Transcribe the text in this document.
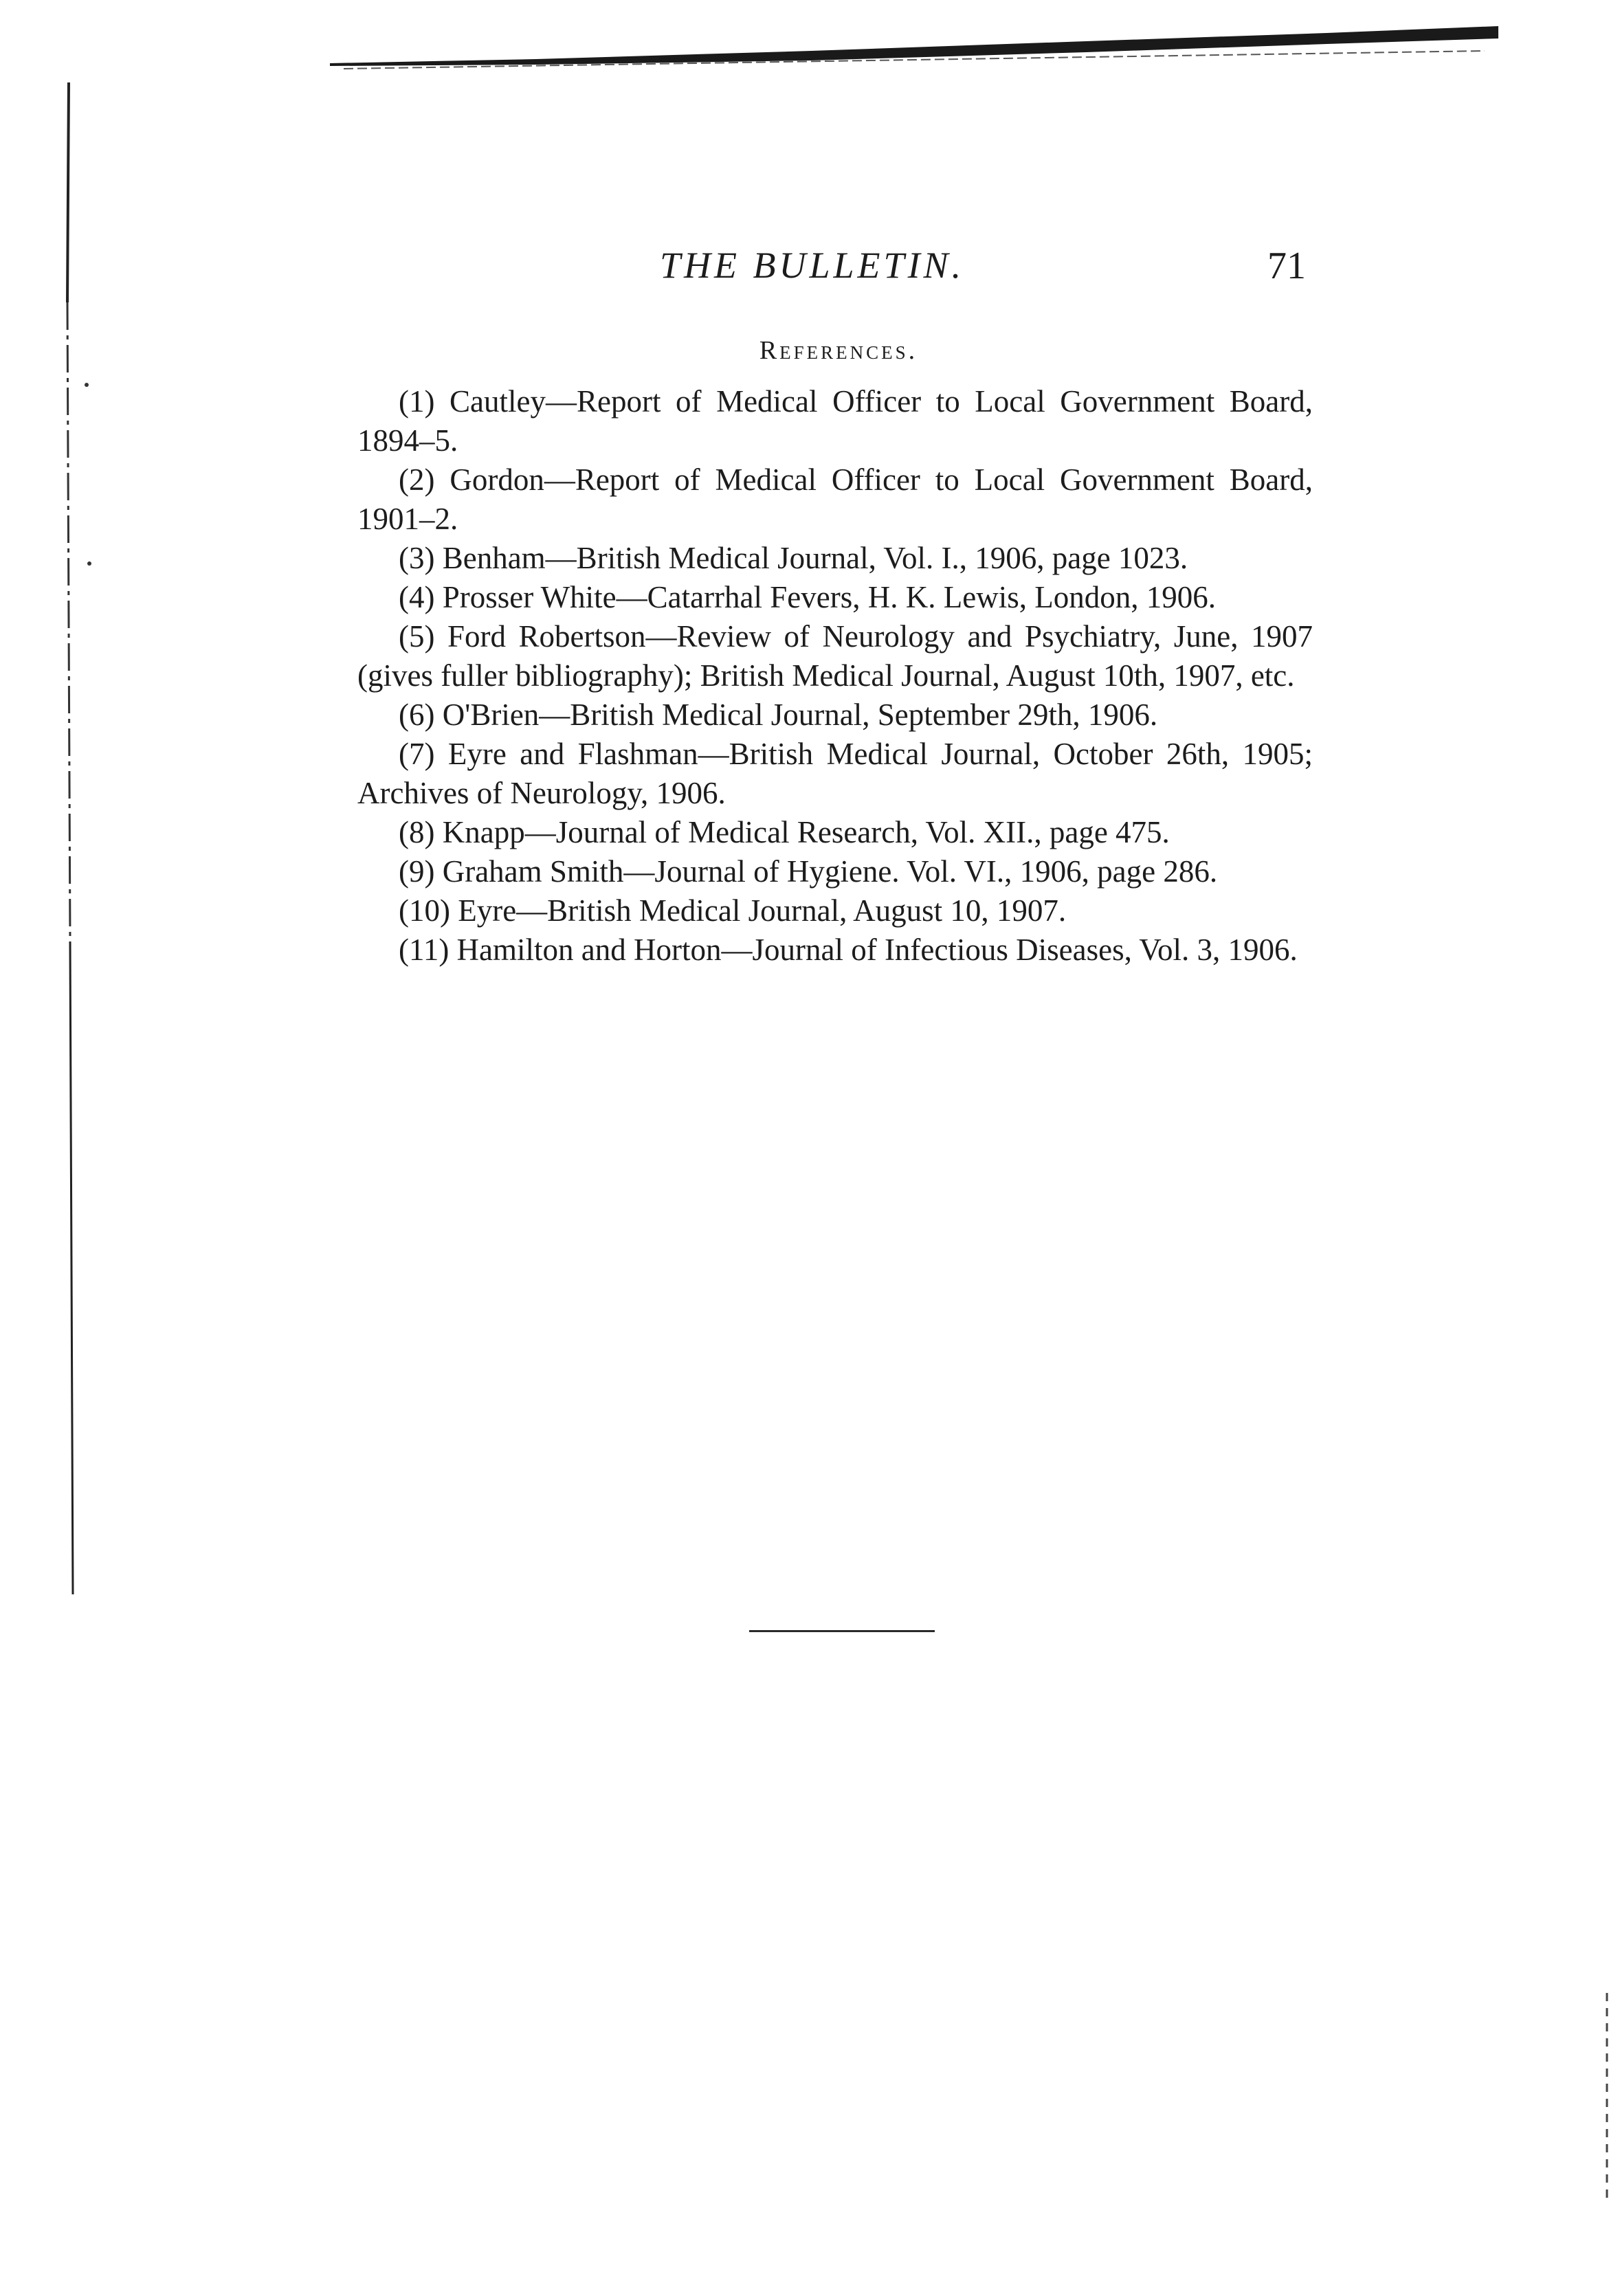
THE BULLETIN.	71
References.
(1) Cautley—Report of Medical Officer to Local Government Board, 1894–5.
(2) Gordon—Report of Medical Officer to Local Government Board, 1901–2.
(3) Benham—British Medical Journal, Vol. I., 1906, page 1023.
(4) Prosser White—Catarrhal Fevers, H. K. Lewis, London, 1906.
(5) Ford Robertson—Review of Neurology and Psychiatry, June, 1907 (gives fuller bibliography); British Medical Journal, August 10th, 1907, etc.
(6) O'Brien—British Medical Journal, September 29th, 1906.
(7) Eyre and Flashman—British Medical Journal, October 26th, 1905; Archives of Neurology, 1906.
(8) Knapp—Journal of Medical Research, Vol. XII., page 475.
(9) Graham Smith—Journal of Hygiene. Vol. VI., 1906, page 286.
(10) Eyre—British Medical Journal, August 10, 1907.
(11) Hamilton and Horton—Journal of Infectious Diseases, Vol. 3, 1906.
